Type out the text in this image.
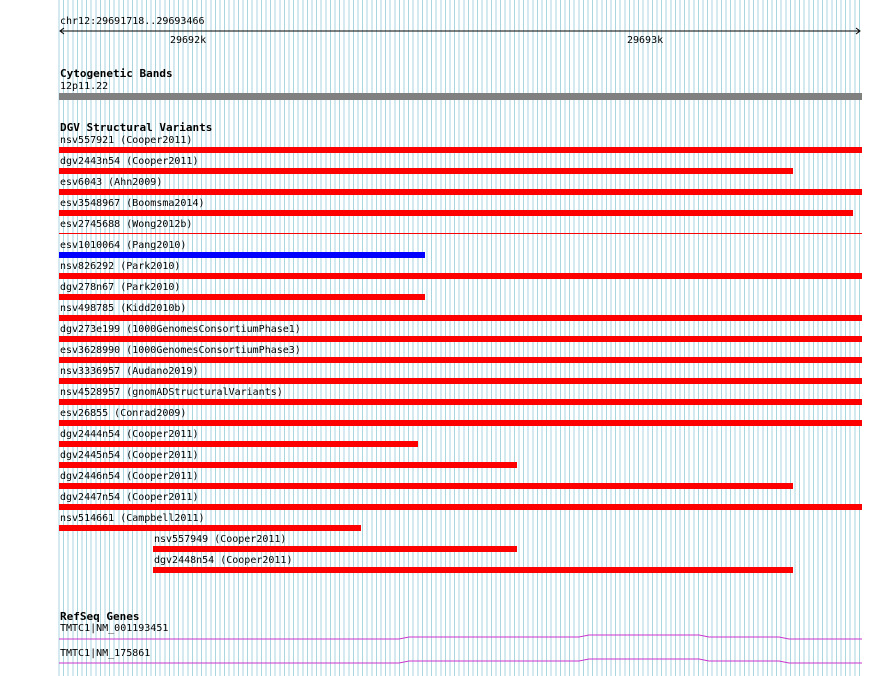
chr12:29691718..29693466
29692k	29693k
Cytogenetic Bands
12p11.22
DGV Structural Variants
nsv557921 (Cooper2011)
dgv2443n54 (Cooper2011)
esv6043 (Ahn2009)
esv3548967 (Boomsma2014)
esv2745688 (Wong2012b)
esv1010064 (Pang2010)
nsv826292 (Park2010)
dgv278n67 (Park2010)
nsv498785 (Kidd2010b)
dgv273e199 (1000GenomesConsortiumPhase1)
esv3628990 (1000GenomesConsortiumPhase3)
nsv3336957 (Audano2019)
nsv4528957 (gnomADStructuralVariants)
esv26855 (Conrad2009)
dgv2444n54 (Cooper2011)
dgv2445n54 (Cooper2011)
dgv2446n54 (Cooper2011)
dgv2447n54 (Cooper2011)
nsv514661 (Campbell2011)
nsv557949 (Cooper2011)
dgv2448n54 (Cooper2011)
RefSeq Genes
TMTC1|NM_001193451
TMTC1|NM_175861
